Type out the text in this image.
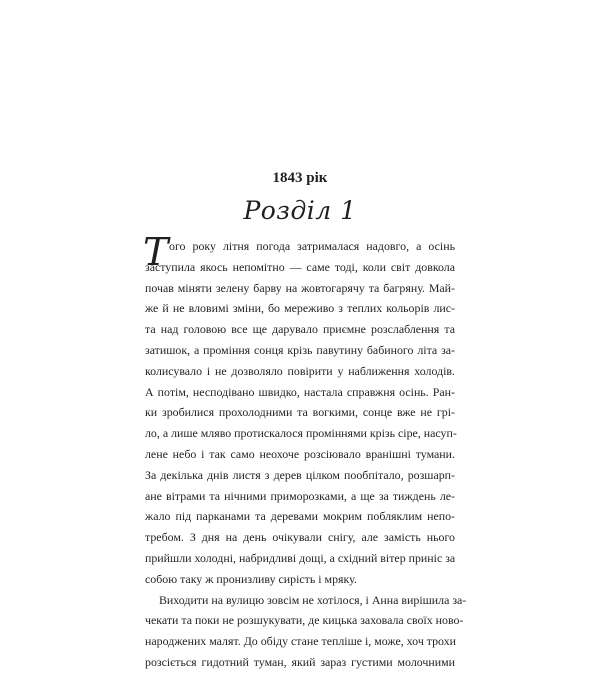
1843 рік
Розділ 1
Т ого року літня погода затрималася надовго, а осінь
заступила якось непомітно — саме тоді, коли світ довкола
почав міняти зелену барву на жовтогарячу та багряну. Май-
же й не вловимі зміни, бо мереживо з теплих кольорів лис-
та над головою все ще дарувало приємне розслаблення та
затишок, а проміння сонця крізь павутину бабиного літа за-
колисувало і не дозволяло повірити у наближення холодів.
А потім, несподівано швидко, настала справжня осінь. Ран-
ки зробилися прохолодними та вогкими, сонце вже не грі-
ло, а лише мляво протискалося проміннями крізь сіре, насуп-
лене небо і так само неохоче розсіювало вранішні тумани.
За декілька днів листя з дерев цілком пообпітало, розшарп-
ане вітрами та нічними приморозками, а ще за тиждень ле-
жало під парканами та деревами мокрим побляклим непо-
требом. З дня на день очікували снігу, але замість нього
прийшли холодні, набридливі дощі, а східний вітер приніс за
собою таку ж пронизливу сирість і мряку.
Виходити на вулицю зовсім не хотілося, і Анна вирішила за-
чекати та поки не розшукувати, де кицька заховала своїх ново-
народжених малят. До обіду стане тепліше і, може, хоч трохи
розсіється гидотний туман, який зараз густими молочними
